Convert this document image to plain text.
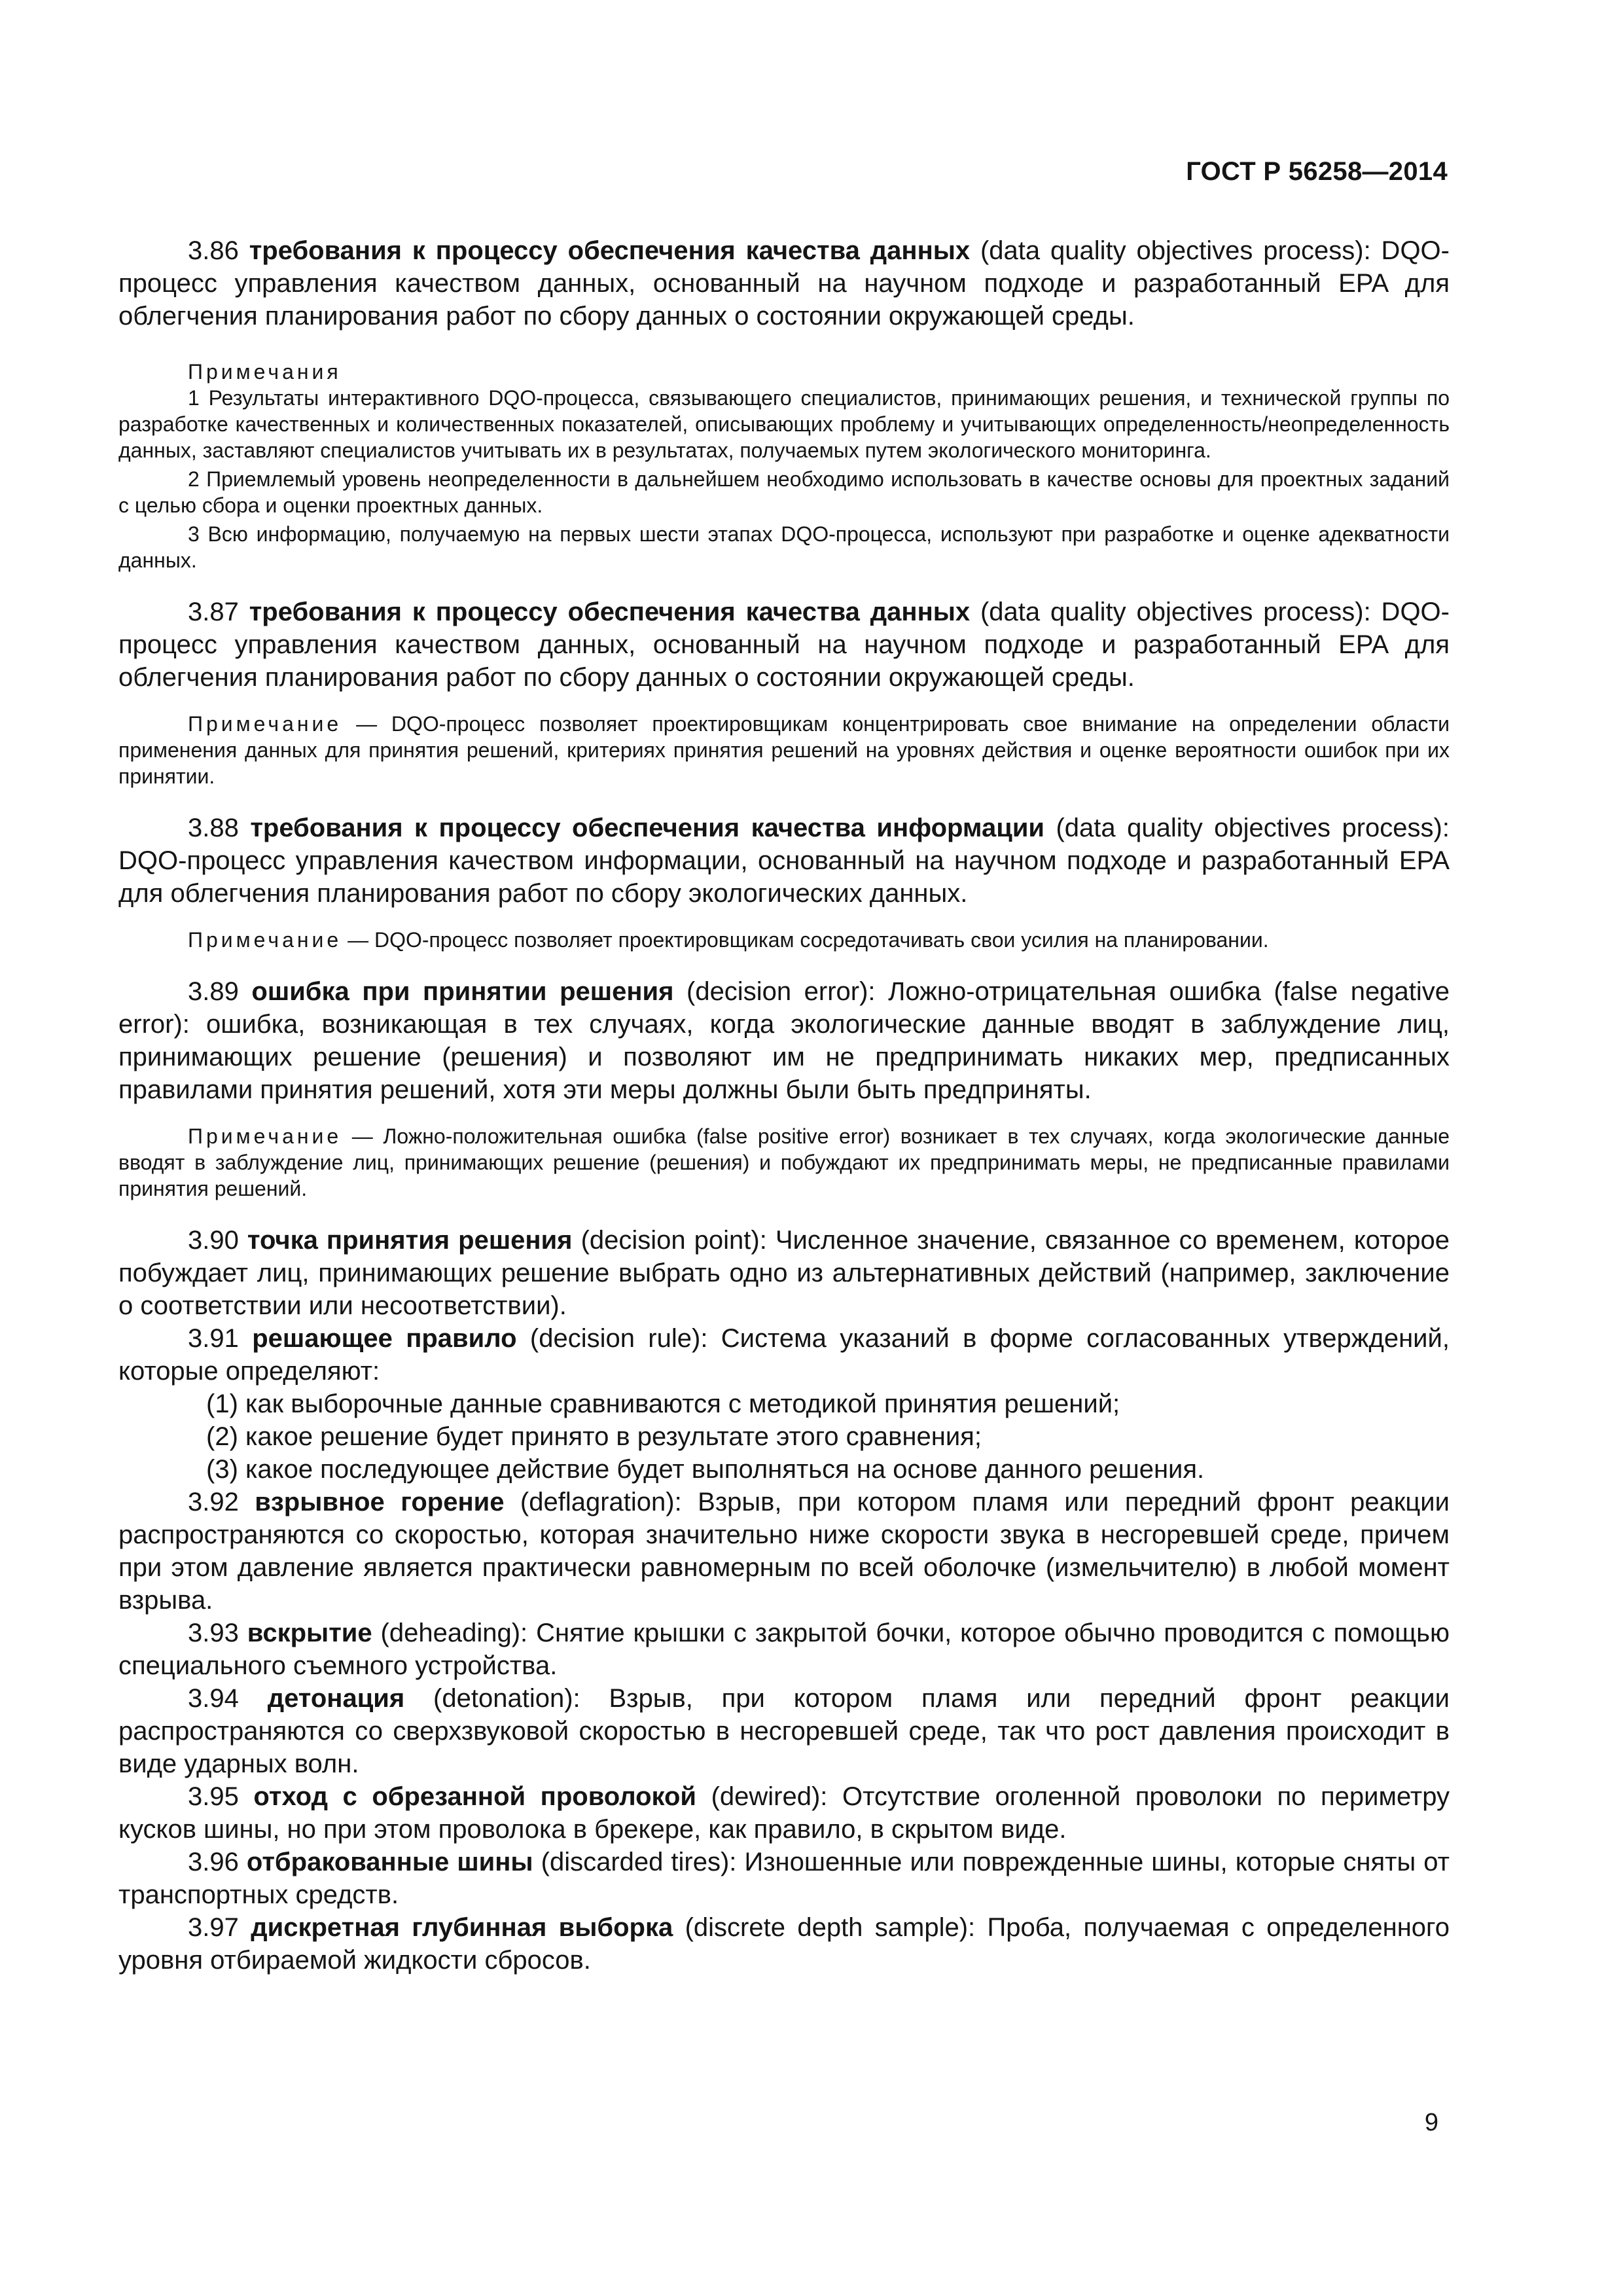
ГОСТ Р 56258—2014

3.86 требования к процессу обеспечения качества данных (data quality objectives process): DQO-процесс управления качеством данных, основанный на научном подходе и разработанный EPA для облегчения планирования работ по сбору данных о состоянии окружающей среды.

Примечания

1 Результаты интерактивного DQO-процесса, связывающего специалистов, принимающих решения, и технической группы по разработке качественных и количественных показателей, описывающих проблему и учитывающих определенность/неопределенность данных, заставляют специалистов учитывать их в результатах, получаемых путем экологического мониторинга.

2 Приемлемый уровень неопределенности в дальнейшем необходимо использовать в качестве основы для проектных заданий с целью сбора и оценки проектных данных.

3 Всю информацию, получаемую на первых шести этапах DQO-процесса, используют при разработке и оценке адекватности данных.

3.87 требования к процессу обеспечения качества данных (data quality objectives process): DQO-процесс управления качеством данных, основанный на научном подходе и разработанный EPA для облегчения планирования работ по сбору данных о состоянии окружающей среды.

Примечание — DQO-процесс позволяет проектировщикам концентрировать свое внимание на определении области применения данных для принятия решений, критериях принятия решений на уровнях действия и оценке вероятности ошибок при их принятии.

3.88 требования к процессу обеспечения качества информации (data quality objectives process): DQO-процесс управления качеством информации, основанный на научном подходе и разработанный EPA для облегчения планирования работ по сбору экологических данных.

Примечание — DQO-процесс позволяет проектировщикам сосредотачивать свои усилия на планировании.

3.89 ошибка при принятии решения (decision error): Ложно-отрицательная ошибка (false negative error): ошибка, возникающая в тех случаях, когда экологические данные вводят в заблуждение лиц, принимающих решение (решения) и позволяют им не предпринимать никаких мер, предписанных правилами принятия решений, хотя эти меры должны были быть предприняты.

Примечание — Ложно-положительная ошибка (false positive error) возникает в тех случаях, когда экологические данные вводят в заблуждение лиц, принимающих решение (решения) и побуждают их предпринимать меры, не предписанные правилами принятия решений.

3.90 точка принятия решения (decision point): Численное значение, связанное со временем, которое побуждает лиц, принимающих решение выбрать одно из альтернативных действий (например, заключение о соответствии или несоответствии).

3.91 решающее правило (decision rule): Система указаний в форме согласованных утверждений, которые определяют:

(1) как выборочные данные сравниваются с методикой принятия решений;

(2) какое решение будет принято в результате этого сравнения;

(3) какое последующее действие будет выполняться на основе данного решения.

3.92 взрывное горение (deflagration): Взрыв, при котором пламя или передний фронт реакции распространяются со скоростью, которая значительно ниже скорости звука в несгоревшей среде, причем при этом давление является практически равномерным по всей оболочке (измельчителю) в любой момент взрыва.

3.93 вскрытие (deheading): Снятие крышки с закрытой бочки, которое обычно проводится с помощью специального съемного устройства.

3.94 детонация (detonation): Взрыв, при котором пламя или передний фронт реакции распространяются со сверхзвуковой скоростью в несгоревшей среде, так что рост давления происходит в виде ударных волн.

3.95 отход с обрезанной проволокой (dewired): Отсутствие оголенной проволоки по периметру кусков шины, но при этом проволока в брекере, как правило, в скрытом виде.

3.96 отбракованные шины (discarded tires): Изношенные или поврежденные шины, которые сняты от транспортных средств.

3.97 дискретная глубинная выборка (discrete depth sample): Проба, получаемая с определенного уровня отбираемой жидкости сбросов.

9
